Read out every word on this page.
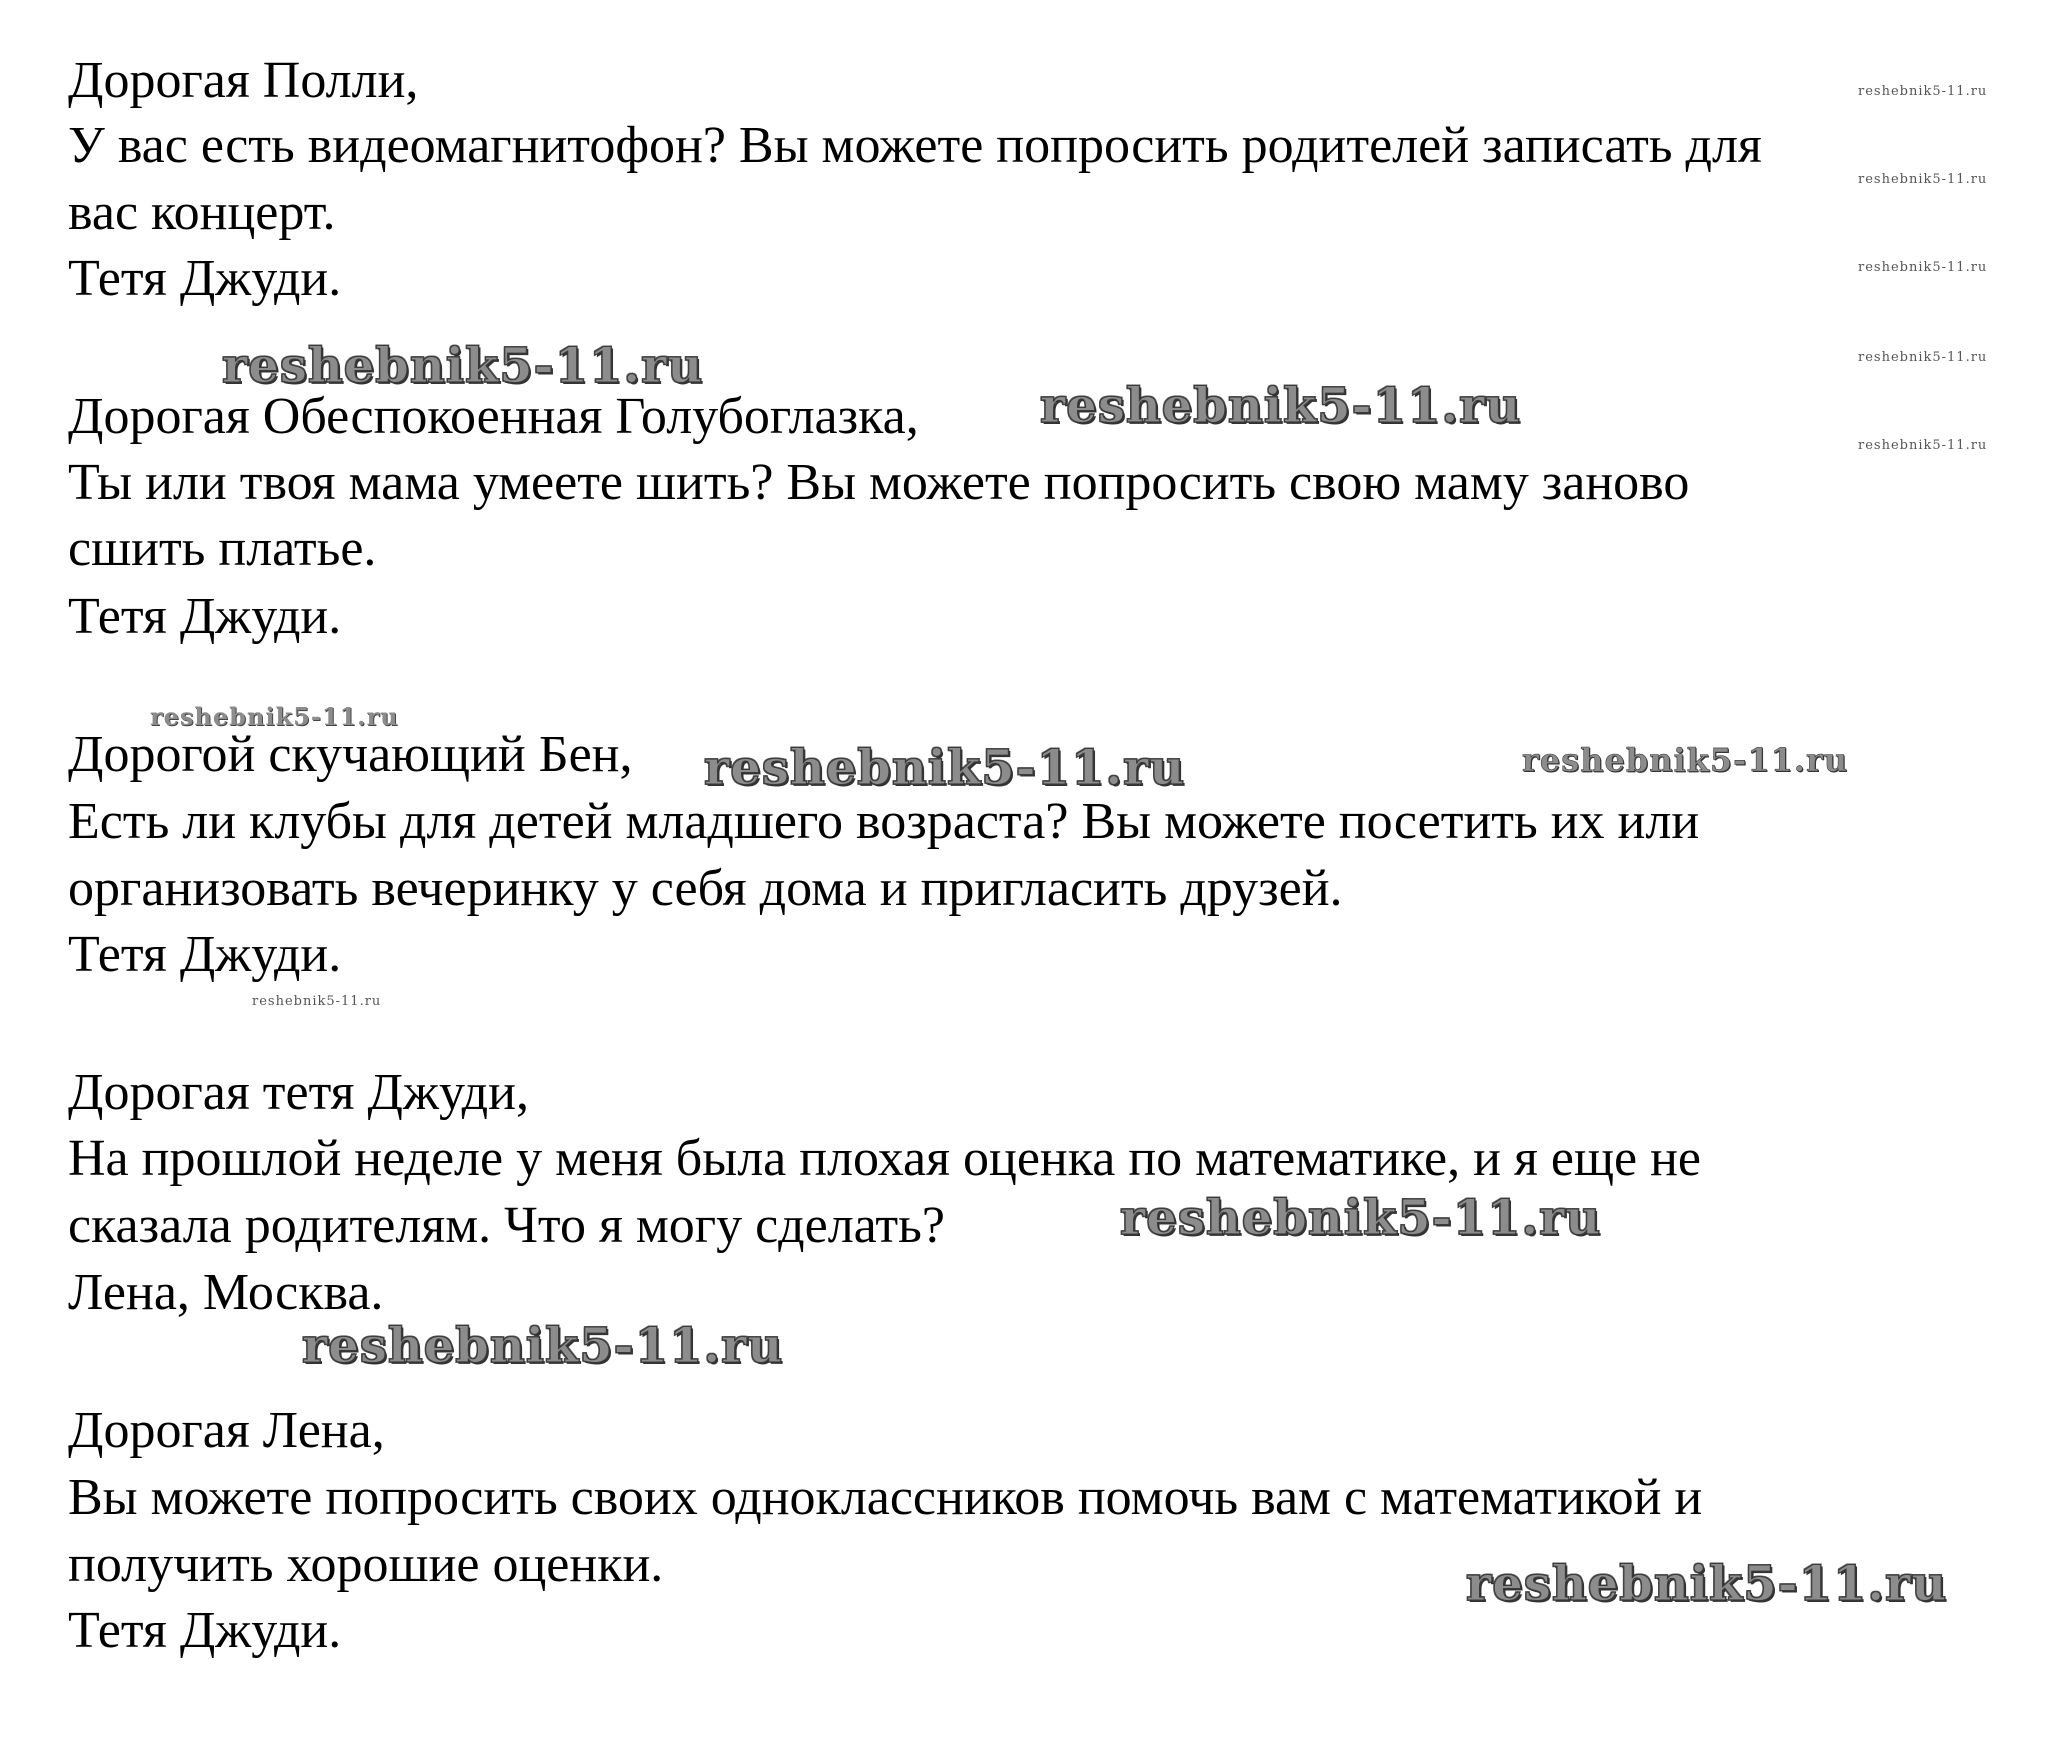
Дорогая Полли,

У вас есть видеомагнитофон? Вы можете попросить родителей записать для

вас концерт.

Тетя Джуди.

Дорогая Обеспокоенная Голубоглазка,

Ты или твоя мама умеете шить? Вы можете попросить свою маму заново

сшить платье.

Тетя Джуди.

Дорогой скучающий Бен,

Есть ли клубы для детей младшего возраста? Вы можете посетить их или

организовать вечеринку у себя дома и пригласить друзей.

Тетя Джуди.

Дорогая тетя Джуди,

На прошлой неделе у меня была плохая оценка по математике, и я еще не

сказала родителям. Что я могу сделать?

Лена, Москва.

Дорогая Лена,

Вы можете попросить своих одноклассников помочь вам с математикой и

получить хорошие оценки.

Тетя Джуди.

reshebnik5-11.ru
reshebnik5-11.ru
reshebnik5-11.ru
reshebnik5-11.ru
reshebnik5-11.ru
reshebnik5-11.ru
reshebnik5-11.ru
reshebnik5-11.ru
reshebnik5-11.ru	reshebnik5-11.ru
reshebnik5-11.ru
reshebnik5-11.ru
reshebnik5-11.ru
reshebnik5-11.ru
